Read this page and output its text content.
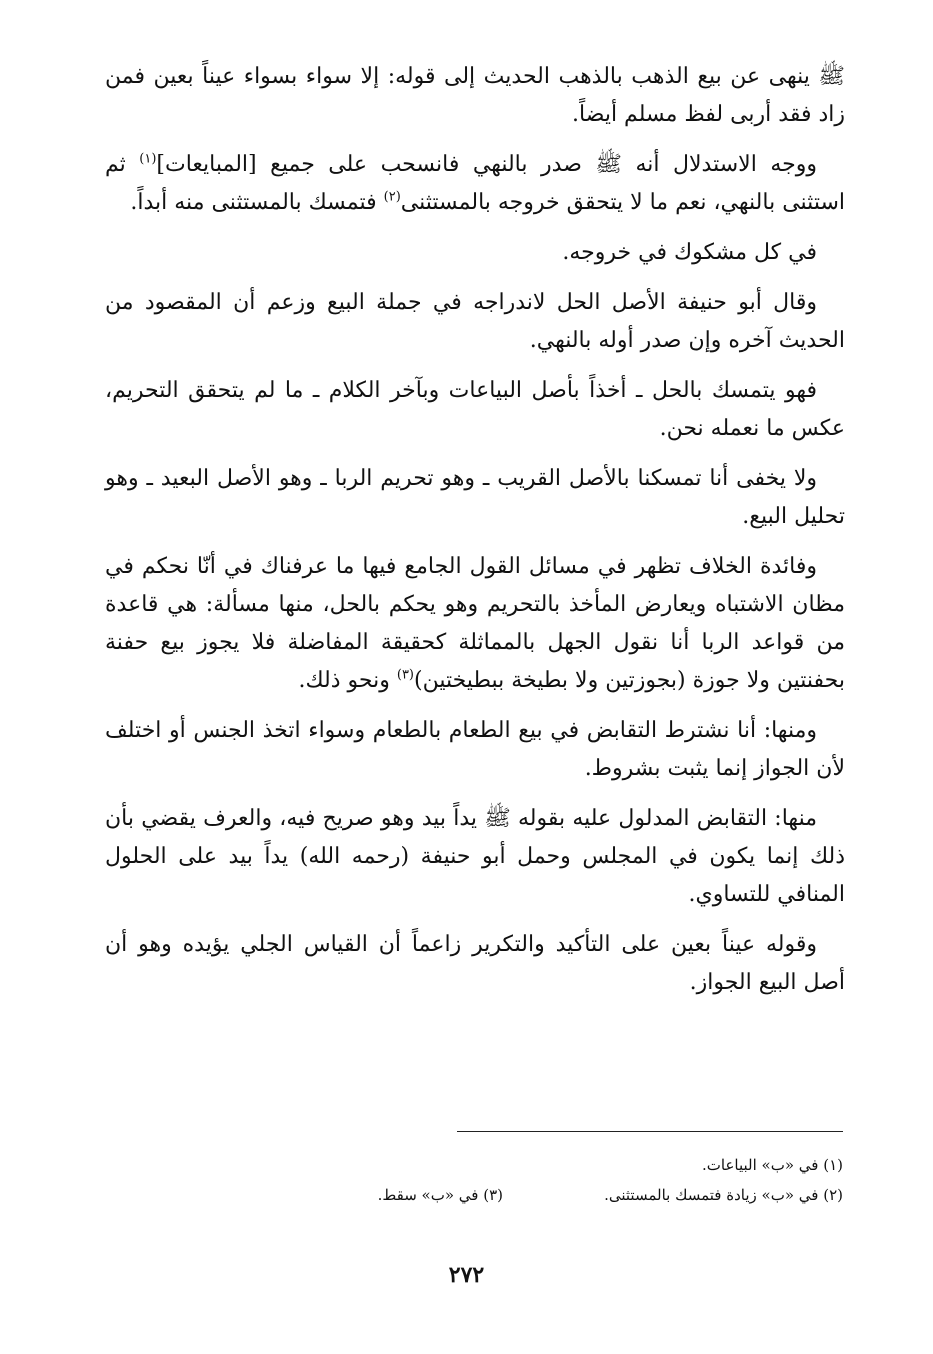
ﷺ ينهى عن بيع الذهب بالذهب الحديث إلى قوله: إلا سواء بسواء عيناً بعين فمن زاد فقد أربى لفظ مسلم أيضاً.

ووجه الاستدلال أنه ﷺ صدر بالنهي فانسحب على جميع [المبايعات]$^{(١)}$ ثم استثنى بالنهي، نعم ما لا يتحقق خروجه بالمستثنى$^{(٢)}$ فتمسك بالمستثنى منه أبداً.

في كل مشكوك في خروجه.

وقال أبو حنيفة الأصل الحل لاندراجه في جملة البيع وزعم أن المقصود من الحديث آخره وإن صدر أوله بالنهي.

فهو يتمسك بالحل ـ أخذاً بأصل البياعات وبآخر الكلام ـ ما لم يتحقق التحريم، عكس ما نعمله نحن.

ولا يخفى أنا تمسكنا بالأصل القريب ـ وهو تحريم الربا ـ وهو الأصل البعيد ـ وهو تحليل البيع.

وفائدة الخلاف تظهر في مسائل القول الجامع فيها ما عرفناك في أنّا نحكم في مظان الاشتباه ويعارض المأخذ بالتحريم وهو يحكم بالحل، منها مسألة: هي قاعدة من قواعد الربا أنا نقول الجهل بالمماثلة كحقيقة المفاضلة فلا يجوز بيع حفنة بحفنتين ولا جوزة (بجوزتين ولا بطيخة ببطيختين)$^{(٣)}$ ونحو ذلك.

ومنها: أنا نشترط التقابض في بيع الطعام بالطعام وسواء اتخذ الجنس أو اختلف لأن الجواز إنما يثبت بشروط.

منها: التقابض المدلول عليه بقوله ﷺ يداً بيد وهو صريح فيه، والعرف يقضي بأن ذلك إنما يكون في المجلس وحمل أبو حنيفة (رحمه الله) يداً بيد على الحلول المنافي للتساوي.

وقوله عيناً بعين على التأكيد والتكرير زاعماً أن القياس الجلي يؤيده وهو أن أصل البيع الجواز.

(١) في «ب» البياعات.
(٢) في «ب» زيادة فتمسك بالمستثنى.
(٣) في «ب» سقط.
٢٧٢
